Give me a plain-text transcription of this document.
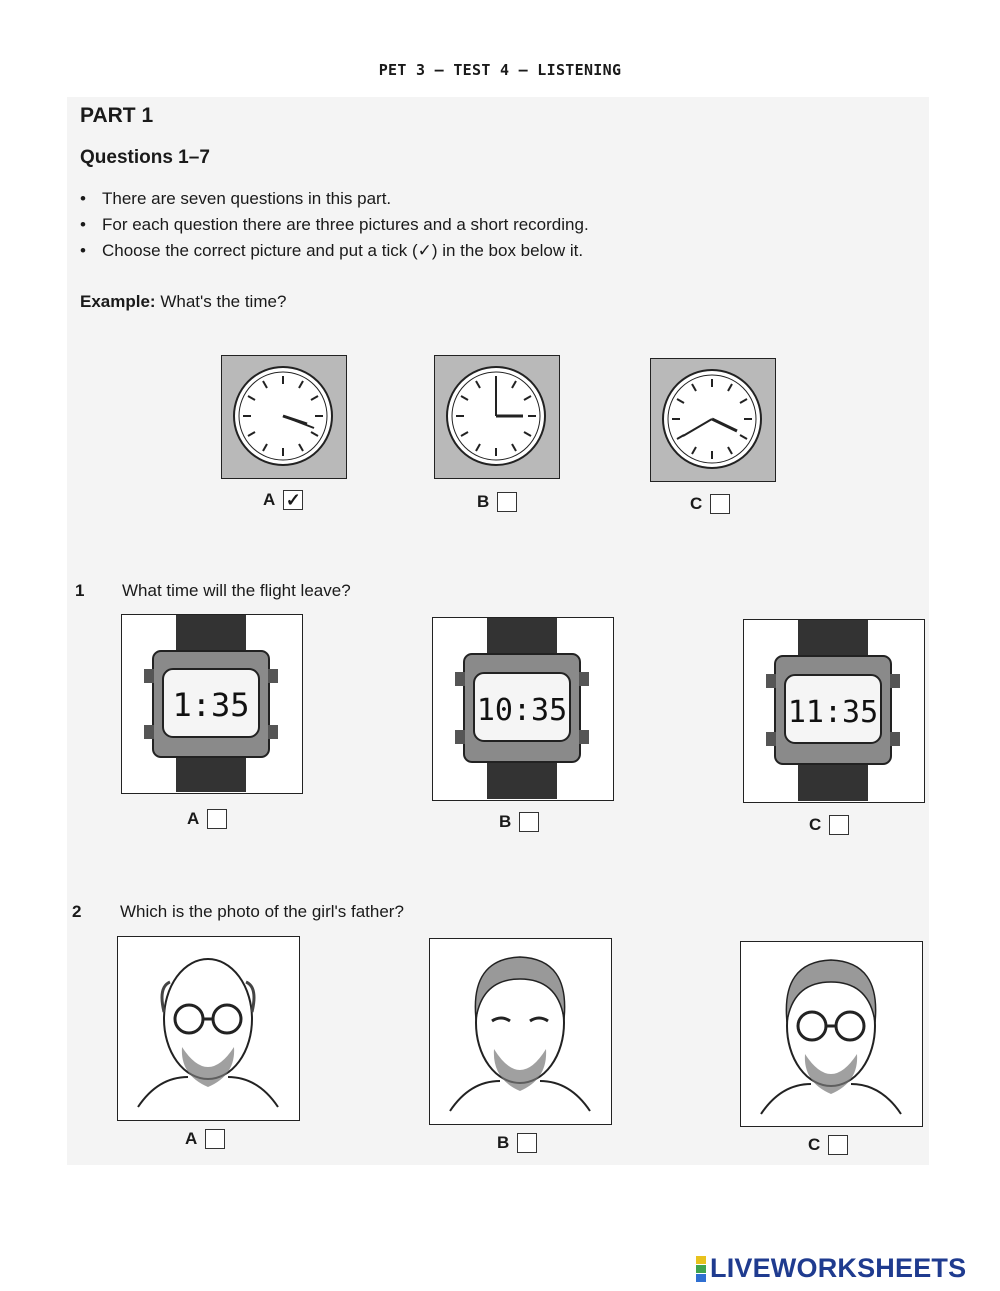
PET 3 – TEST 4 – LISTENING
PART 1
Questions 1–7
• There are seven questions in this part.
• For each question there are three pictures and a short recording.
• Choose the correct picture and put a tick (✓) in the box below it.
Example: What's the time?
A ✓	B	C
1 What time will the flight leave?
1:35	10:35	11:35
A	B	C
2 Which is the photo of the girl's father?
A	B	C
LIVEWORKSHEETS
